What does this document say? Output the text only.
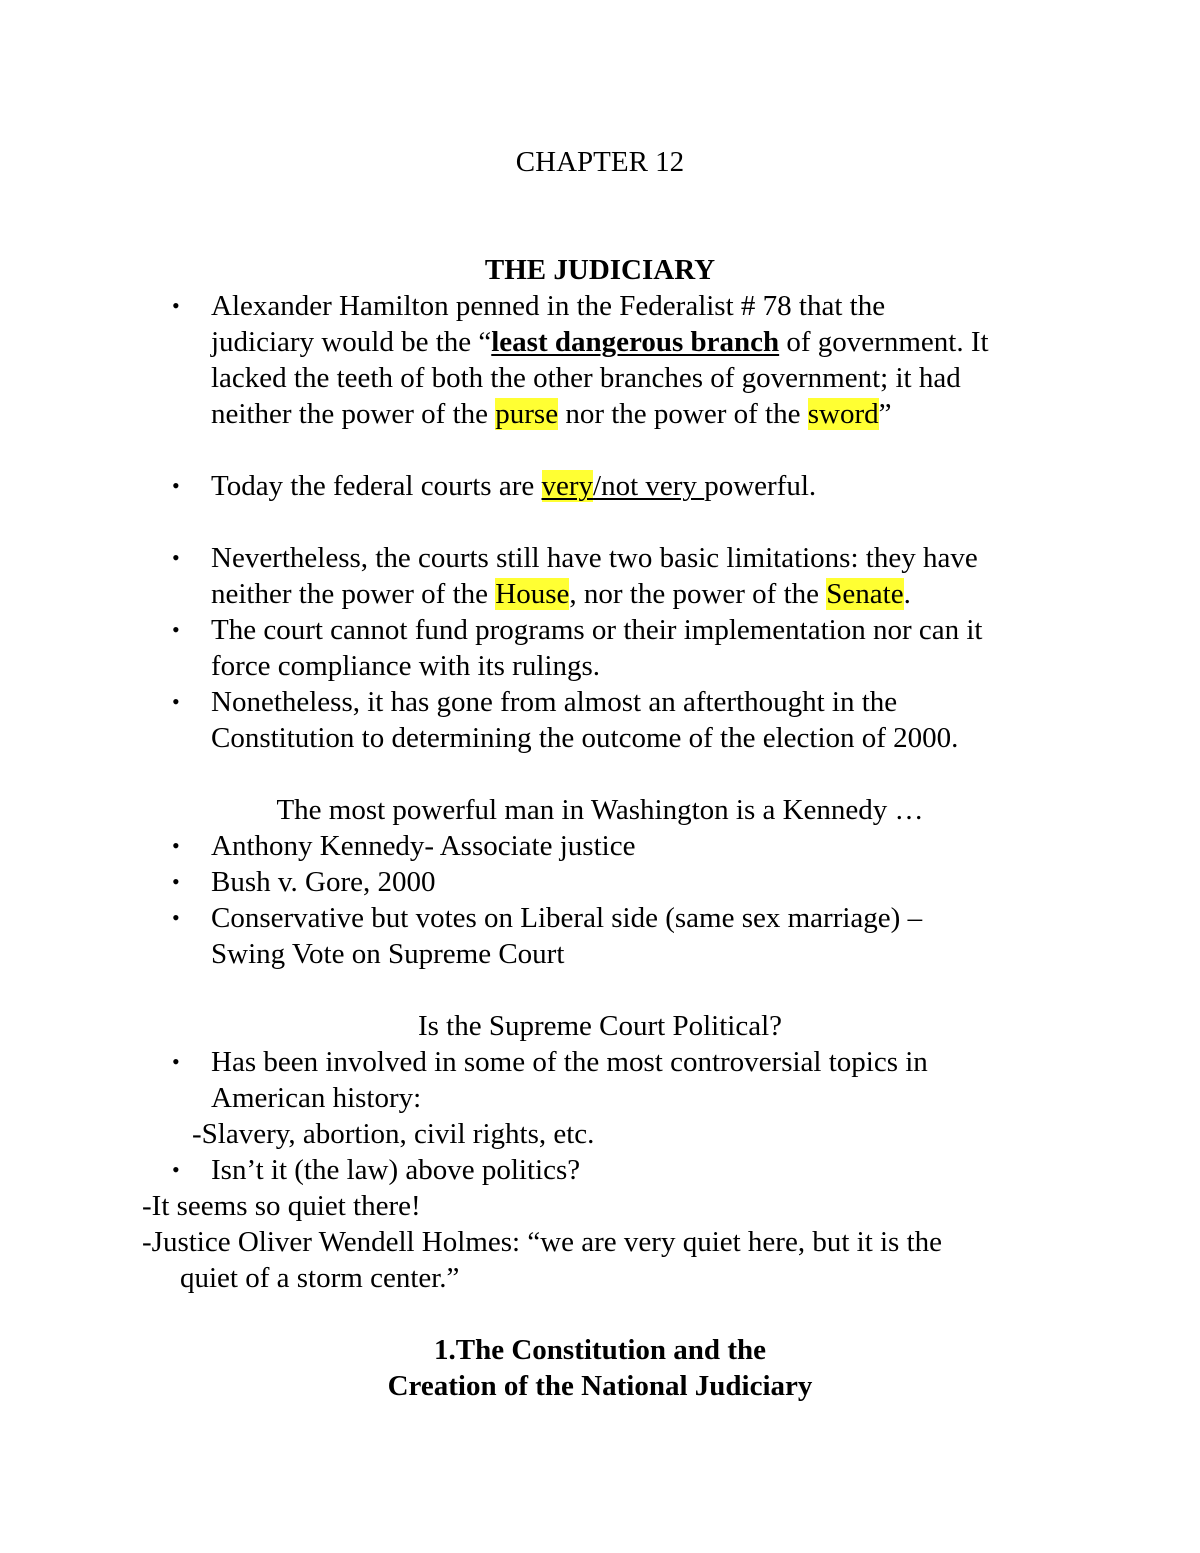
CHAPTER 12
THE JUDICIARY
• Alexander Hamilton penned in the Federalist # 78 that the
judiciary would be the “least dangerous branch of government. It
lacked the teeth of both the other branches of government; it had
neither the power of the purse nor the power of the sword”
• Today the federal courts are very/not very powerful.
• Nevertheless, the courts still have two basic limitations: they have
neither the power of the House, nor the power of the Senate.
• The court cannot fund programs or their implementation nor can it
force compliance with its rulings.
• Nonetheless, it has gone from almost an afterthought in the
Constitution to determining the outcome of the election of 2000.
The most powerful man in Washington is a Kennedy …
• Anthony Kennedy- Associate justice
• Bush v. Gore, 2000
• Conservative but votes on Liberal side (same sex marriage) –
Swing Vote on Supreme Court
Is the Supreme Court Political?
• Has been involved in some of the most controversial topics in
American history:
-Slavery, abortion, civil rights, etc.
• Isn’t it (the law) above politics?
-It seems so quiet there!
-Justice Oliver Wendell Holmes: “we are very quiet here, but it is the
quiet of a storm center.”
1.The Constitution and the
Creation of the National Judiciary
